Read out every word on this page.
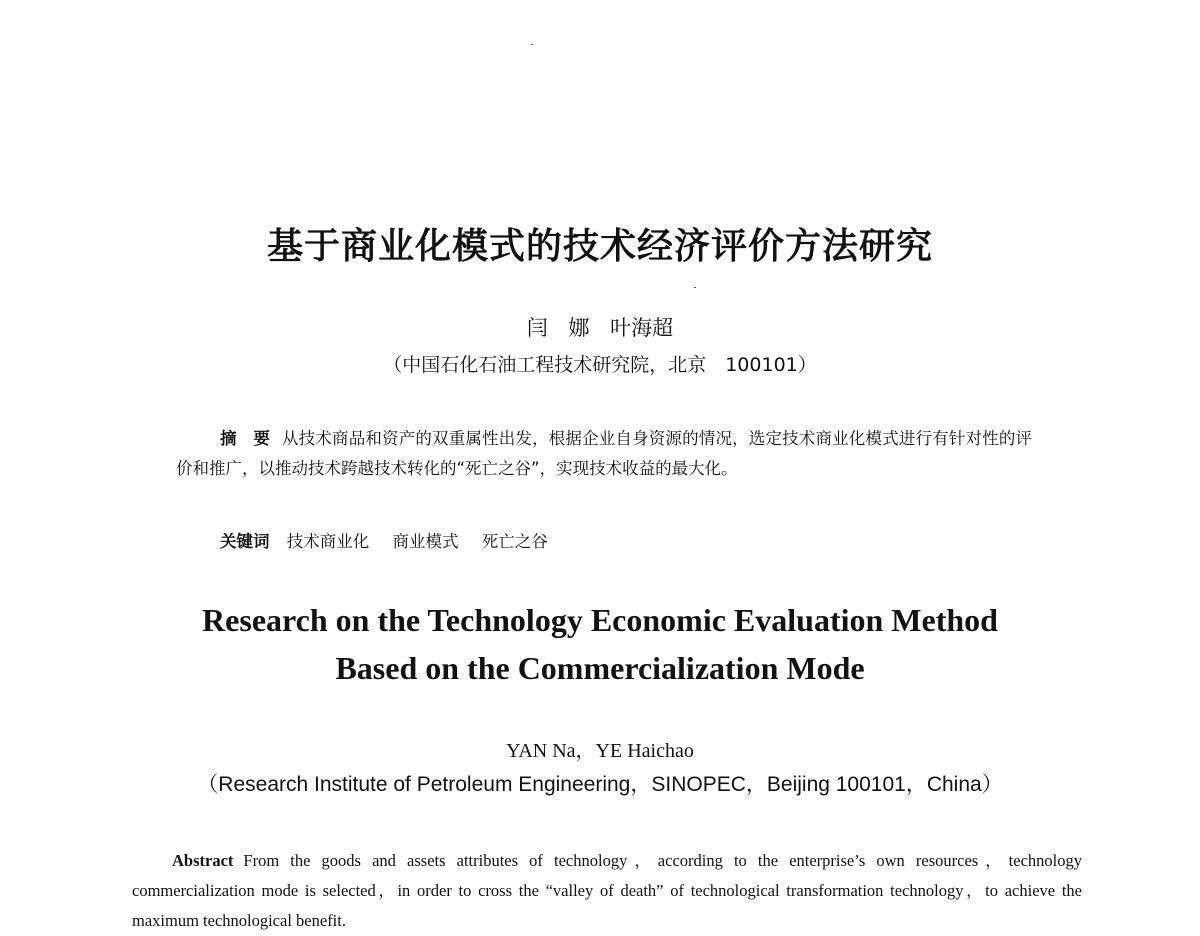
基于商业化模式的技术经济评价方法研究
闫 娜 叶海超
（中国石化石油工程技术研究院，北京　100101）
摘　要 从技术商品和资产的双重属性出发，根据企业自身资源的情况，选定技术商业化模式进行有针对性的评价和推广，以推动技术跨越技术转化的“死亡之谷”，实现技术收益的最大化。
关键词 技术商业化 商业模式 死亡之谷
Research on the Technology Economic Evaluation Method
Based on the Commercialization Mode
YAN Na，YE Haichao
（Research Institute of Petroleum Engineering，SINOPEC，Beijing 100101，China）
Abstract From the goods and assets attributes of technology，according to the enterprise’s own resources，technology commercialization mode is selected，in order to cross the “valley of death” of technological transformation technology，to achieve the maximum technological benefit.
